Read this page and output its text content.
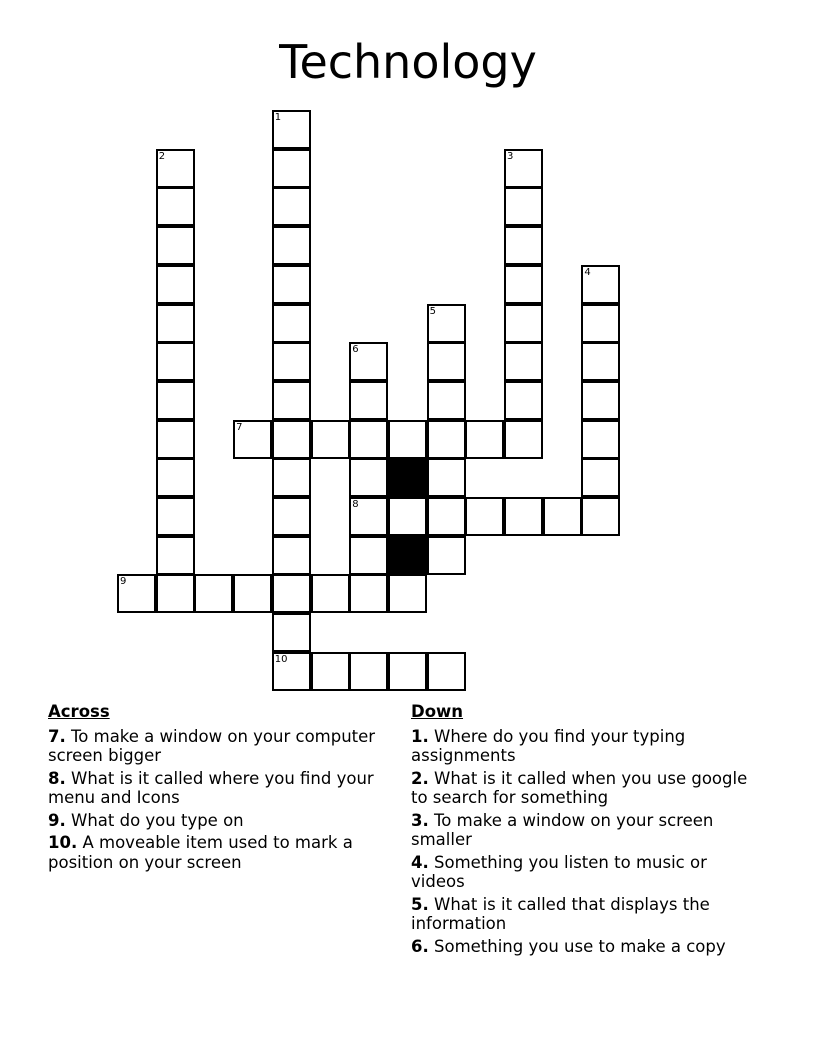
Technology
1
10
2	3
4
5
6
8
7
9
Across
7. To make a window on your computer screen bigger
8. What is it called where you find your menu and Icons
9. What do you type on
10. A moveable item used to mark a position on your screen
Down
1. Where do you find your typing assignments
2. What is it called when you use google to search for something
3. To make a window on your screen smaller
4. Something you listen to music or videos
5. What is it called that displays the information
6. Something you use to make a copy
